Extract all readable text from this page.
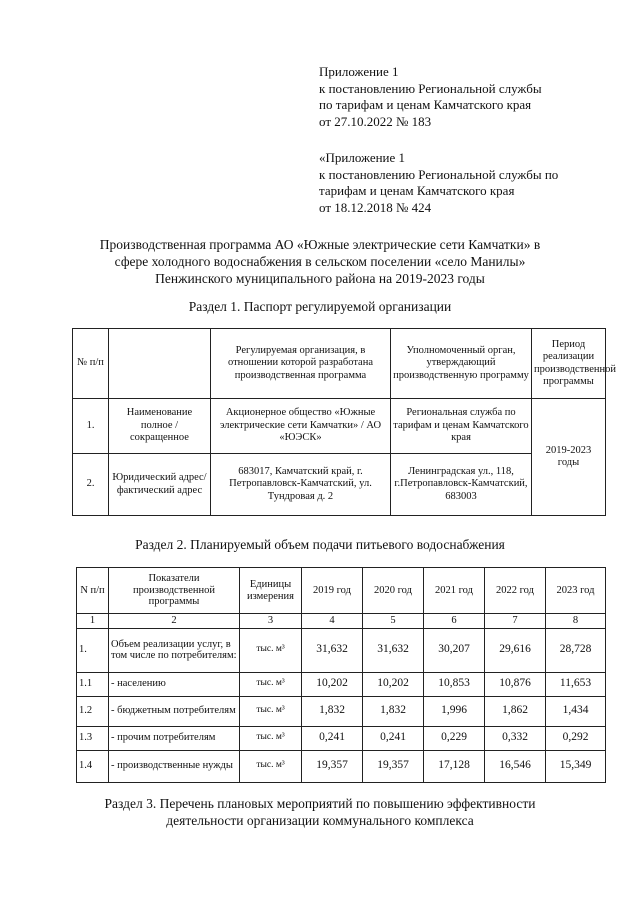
Приложение 1
к постановлению Региональной службы
по тарифам и ценам Камчатского края
от 27.10.2022 № 183
«Приложение 1
к постановлению Региональной службы по
тарифам и ценам Камчатского края
от 18.12.2018 № 424
Производственная программа АО «Южные электрические сети Камчатки» в
сфере холодного водоснабжения в сельском поселении «село Манилы»
Пенжинского муниципального района на 2019-2023 годы
Раздел 1. Паспорт регулируемой организации
№ п/п		Регулируемая организация, в отношении которой разработана производственная программа	Уполномоченный орган, утверждающий производственную программу	Период реализации производственной программы
1.	Наименование полное / сокращенное	Акционерное общество «Южные электрические сети Камчатки» / АО «ЮЭСК»	Региональная служба по тарифам и ценам Камчатского края	2019-2023 годы
2.	Юридический адрес/фактический адрес	683017, Камчатский край, г. Петропавловск-Камчатский, ул. Тундровая д. 2	Ленинградская ул., 118, г.Петропавловск-Камчатский, 683003	
Раздел 2. Планируемый объем подачи питьевого водоснабжения
N п/п	Показатели производственной программы	Единицы измерения	2019 год	2020 год	2021 год	2022 год	2023 год
1	2	3	4	5	6	7	8
1.	Объем реализации услуг, в том числе по потребителям:	тыс. м³	31,632	31,632	30,207	29,616	28,728
1.1	- населению	тыс. м³	10,202	10,202	10,853	10,876	11,653
1.2	- бюджетным потребителям	тыс. м³	1,832	1,832	1,996	1,862	1,434
1.3	- прочим потребителям	тыс. м³	0,241	0,241	0,229	0,332	0,292
1.4	- производственные нужды	тыс. м³	19,357	19,357	17,128	16,546	15,349
Раздел 3. Перечень плановых мероприятий по повышению эффективности
деятельности организации коммунального комплекса
